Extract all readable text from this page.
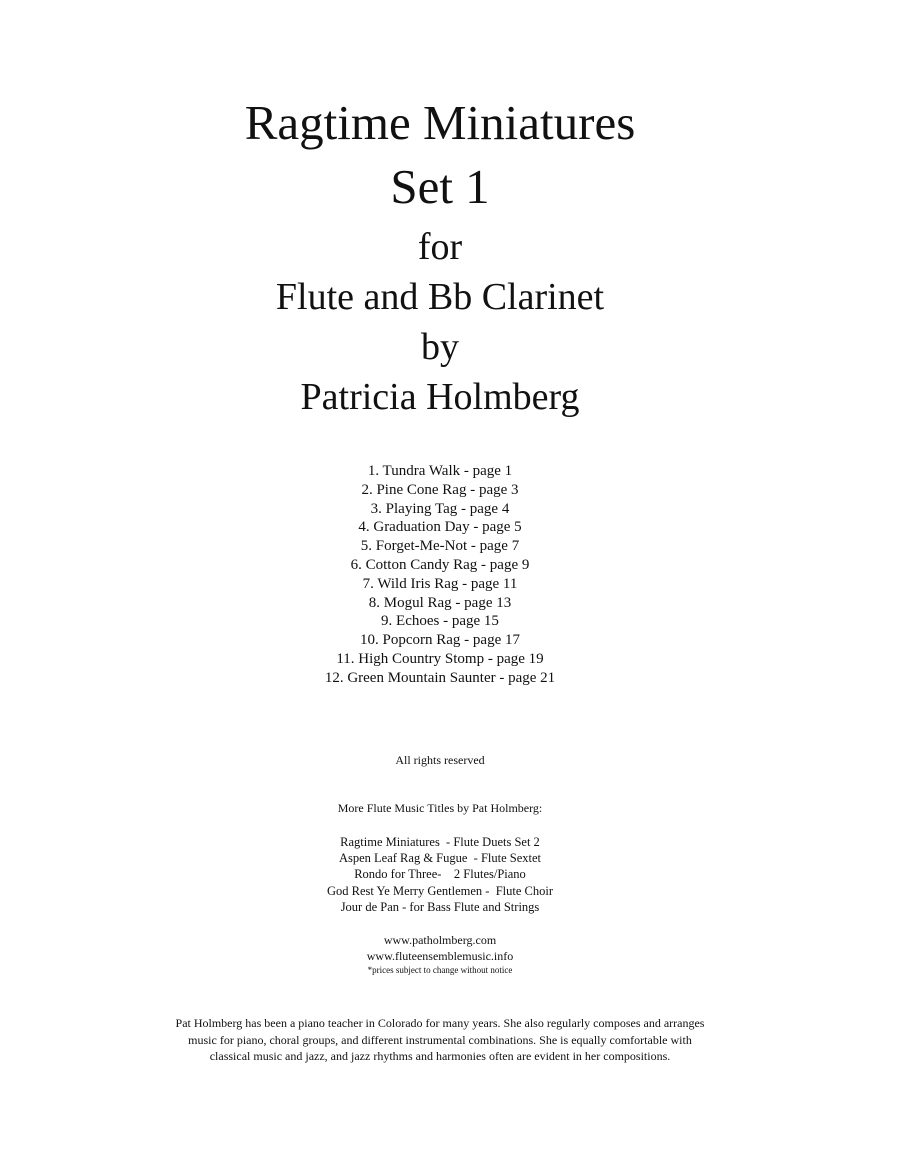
Ragtime Miniatures
Set 1
for
Flute and Bb Clarinet
by
Patricia Holmberg
1. Tundra Walk - page 1
2. Pine Cone Rag - page 3
3. Playing Tag - page 4
4. Graduation Day - page 5
5. Forget-Me-Not - page 7
6. Cotton Candy Rag - page 9
7. Wild Iris Rag - page 11
8. Mogul Rag - page 13
9. Echoes - page 15
10. Popcorn Rag - page 17
11. High Country Stomp - page 19
12. Green Mountain Saunter - page 21
All rights reserved
More Flute Music Titles by Pat Holmberg:
Ragtime Miniatures  - Flute Duets Set 2
Aspen Leaf Rag & Fugue  - Flute Sextet
Rondo for Three-    2 Flutes/Piano
God Rest Ye Merry Gentlemen -  Flute Choir
Jour de Pan - for Bass Flute and Strings
www.patholmberg.com
www.fluteensemblemusic.info
*prices subject to change without notice
Pat Holmberg has been a piano teacher in Colorado for many years. She also regularly composes and arranges music for piano, choral groups, and different instrumental combinations. She is equally comfortable with classical music and jazz, and jazz rhythms and harmonies often are evident in her compositions.
